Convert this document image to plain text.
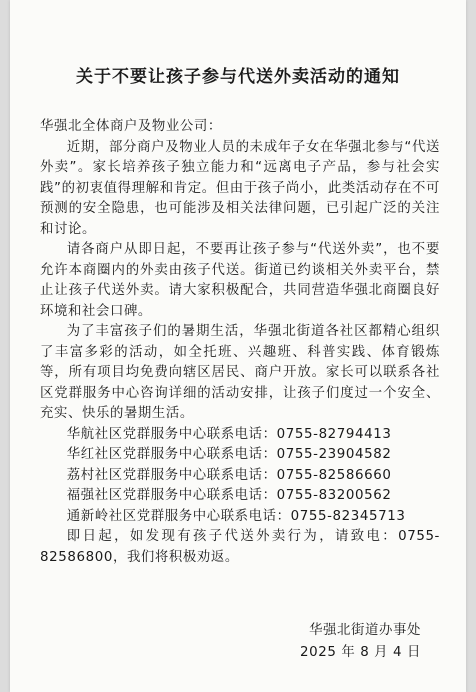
关于不要让孩子参与代送外卖活动的通知

华强北全体商户及物业公司：

近期，部分商户及物业人员的未成年子女在华强北参与“代送外卖”。家长培养孩子独立能力和“远离电子产品，参与社会实践”的初衷值得理解和肯定。但由于孩子尚小，此类活动存在不可预测的安全隐患，也可能涉及相关法律问题，已引起广泛的关注和讨论。

请各商户从即日起，不要再让孩子参与“代送外卖”，也不要允许本商圈内的外卖由孩子代送。街道已约谈相关外卖平台，禁止让孩子代送外卖。请大家积极配合，共同营造华强北商圈良好环境和社会口碑。

为了丰富孩子们的暑期生活，华强北街道各社区都精心组织了丰富多彩的活动，如全托班、兴趣班、科普实践、体育锻炼等，所有项目均免费向辖区居民、商户开放。家长可以联系各社区党群服务中心咨询详细的活动安排，让孩子们度过一个安全、充实、快乐的暑期生活。

华航社区党群服务中心联系电话：0755-82794413
华红社区党群服务中心联系电话：0755-23904582
荔村社区党群服务中心联系电话：0755-82586660
福强社区党群服务中心联系电话：0755-83200562
通新岭社区党群服务中心联系电话：0755-82345713

即日起，如发现有孩子代送外卖行为，请致电：0755-82586800，我们将积极劝返。

华强北街道办事处
2025 年 8 月 4 日
